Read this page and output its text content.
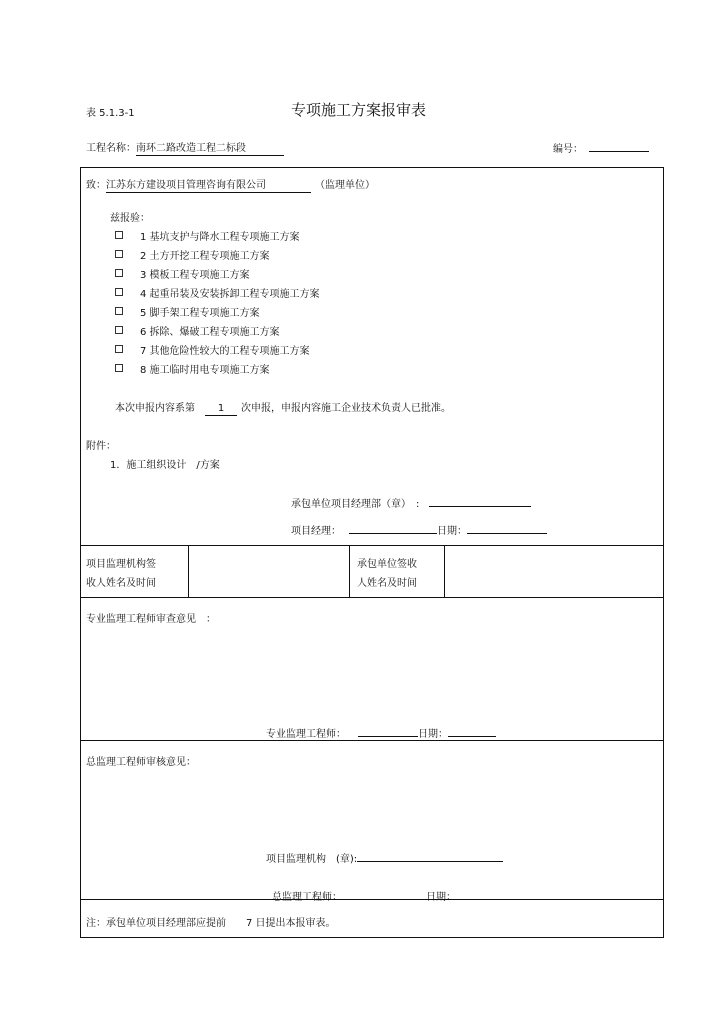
表 5.1.3-1	专项施工方案报审表
工程名称：南环二路改造工程二标段	编号：
致：江苏东方建设项目管理咨询有限公司	（监理单位）
兹报验：
1 基坑支护与降水工程专项施工方案
2 土方开挖工程专项施工方案
3 模板工程专项施工方案
4 起重吊装及安装拆卸工程专项施工方案
5 脚手架工程专项施工方案
6 拆除、爆破工程专项施工方案
7 其他危险性较大的工程专项施工方案
8 施工临时用电专项施工方案
本次申报内容系第 1 次申报，申报内容施工企业技术负责人已批准。
附件：
1．施工组织设计　/方案
承包单位项目经理部（章）　:
项目经理：	日期：
项目监理机构签
收人姓名及时间
承包单位签收
人姓名及时间
专业监理工程师审查意见　：
专业监理工程师：	日期：
总监理工程师审核意见：
项目监理机构　(章):
总监理工程师：	日期：
注：承包单位项目经理部应提前　　7 日提出本报审表。
